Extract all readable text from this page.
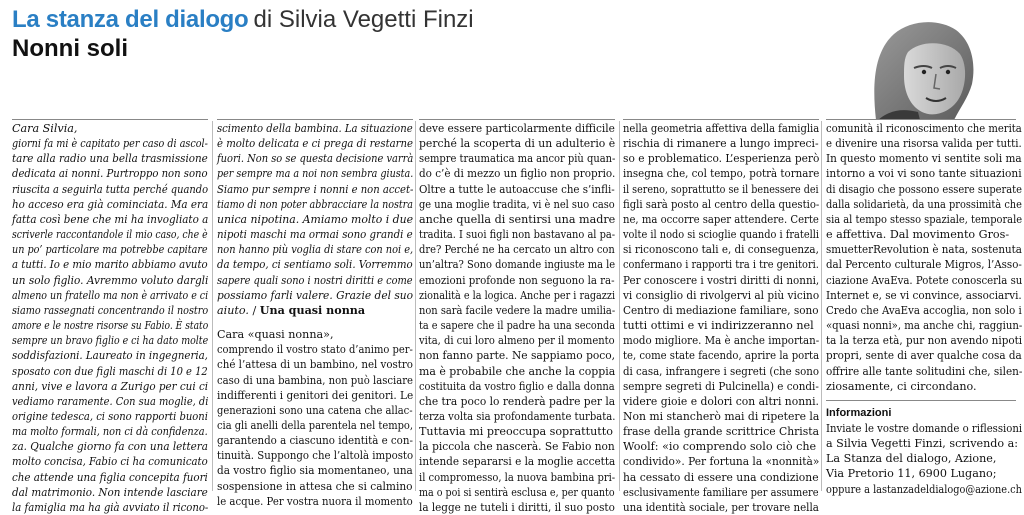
La stanza del dialogo di Silvia Vegetti Finzi
Nonni soli
Cara Silvia,
giorni fa mi è capitato per caso di ascol-
tare alla radio una bella trasmissione
dedicata ai nonni. Purtroppo non sono
riuscita a seguirla tutta perché quando
ho acceso era già cominciata. Ma era
fatta così bene che mi ha invogliato a
scriverle raccontandole il mio caso, che è
un po’ particolare ma potrebbe capitare
a tutti. Io e mio marito abbiamo avuto
un solo figlio. Avremmo voluto dargli
almeno un fratello ma non è arrivato e ci
siamo rassegnati concentrando il nostro
amore e le nostre risorse su Fabio. È stato
sempre un bravo figlio e ci ha dato molte
soddisfazioni. Laureato in ingegneria,
sposato con due figli maschi di 10 e 12
anni, vive e lavora a Zurigo per cui ci
vediamo raramente. Con sua moglie, di
origine tedesca, ci sono rapporti buoni
ma molto formali, non ci dà confidenza.
za. Qualche giorno fa con una lettera
molto concisa, Fabio ci ha comunicato
che attende una figlia concepita fuori
dal matrimonio. Non intende lasciare
la famiglia ma ha già avviato il ricono-
scimento della bambina. La situazione
è molto delicata e ci prega di restarne
fuori. Non so se questa decisione varrà
per sempre ma a noi non sembra giusta.
Siamo pur sempre i nonni e non accet-
tiamo di non poter abbracciare la nostra
unica nipotina. Amiamo molto i due
nipoti maschi ma ormai sono grandi e
non hanno più voglia di stare con noi e,
da tempo, ci sentiamo soli. Vorremmo
sapere quali sono i nostri diritti e come
possiamo farli valere. Grazie del suo
aiuto. / Una quasi nonna
Cara «quasi nonna»,
comprendo il vostro stato d’animo per-
ché l’attesa di un bambino, nel vostro
caso di una bambina, non può lasciare
indifferenti i genitori dei genitori. Le
generazioni sono una catena che allac-
cia gli anelli della parentela nel tempo,
garantendo a ciascuno identità e con-
tinuità. Suppongo che l’altolà imposto
da vostro figlio sia momentaneo, una
sospensione in attesa che si calmino
le acque. Per vostra nuora il momento
deve essere particolarmente difficile
perché la scoperta di un adulterio è
sempre traumatica ma ancor più quan-
do c’è di mezzo un figlio non proprio.
Oltre a tutte le autoaccuse che s’infli-
ge una moglie tradita, vi è nel suo caso
anche quella di sentirsi una madre
tradita. I suoi figli non bastavano al pa-
dre? Perché ne ha cercato un altro con
un’altra? Sono domande ingiuste ma le
emozioni profonde non seguono la ra-
zionalità e la logica. Anche per i ragazzi
non sarà facile vedere la madre umilia-
ta e sapere che il padre ha una seconda
vita, di cui loro almeno per il momento
non fanno parte. Ne sappiamo poco,
ma è probabile che anche la coppia
costituita da vostro figlio e dalla donna
che tra poco lo renderà padre per la
terza volta sia profondamente turbata.
Tuttavia mi preoccupa soprattutto
la piccola che nascerà. Se Fabio non
intende separarsi e la moglie accetta
il compromesso, la nuova bambina pri-
ma o poi si sentirà esclusa e, per quanto
la legge ne tuteli i diritti, il suo posto
nella geometria affettiva della famiglia
rischia di rimanere a lungo impreci-
so e problematico. L’esperienza però
insegna che, col tempo, potrà tornare
il sereno, soprattutto se il benessere dei
figli sarà posto al centro della questio-
ne, ma occorre saper attendere. Certe
volte il nodo si scioglie quando i fratelli
si riconoscono tali e, di conseguenza,
confermano i rapporti tra i tre genitori.
Per conoscere i vostri diritti di nonni,
vi consiglio di rivolgervi al più vicino
Centro di mediazione familiare, sono
tutti ottimi e vi indirizzeranno nel
modo migliore. Ma è anche importan-
te, come state facendo, aprire la porta
di casa, infrangere i segreti (che sono
sempre segreti di Pulcinella) e condi-
videre gioie e dolori con altri nonni.
Non mi stancherò mai di ripetere la
frase della grande scrittrice Christa
Woolf: «io comprendo solo ciò che
condivido». Per fortuna la «nonnità»
ha cessato di essere una condizione
esclusivamente familiare per assumere
una identità sociale, per trovare nella
comunità il riconoscimento che merita
e divenire una risorsa valida per tutti.
In questo momento vi sentite soli ma
intorno a voi vi sono tante situazioni
di disagio che possono essere superate
dalla solidarietà, da una prossimità che
sia al tempo stesso spaziale, temporale
e affettiva. Dal movimento Gros-
smuetterRevolution è nata, sostenuta
dal Percento culturale Migros, l’Asso-
ciazione AvaEva. Potete conoscerla su
Internet e, se vi convince, associarvi.
Credo che AvaEva accoglia, non solo i
«quasi nonni», ma anche chi, raggiun-
ta la terza età, pur non avendo nipoti
propri, sente di aver qualche cosa da
offrire alle tante solitudini che, silen-
ziosamente, ci circondano.
Informazioni
Inviate le vostre domande o riflessioni
a Silvia Vegetti Finzi, scrivendo a:
La Stanza del dialogo, Azione,
Via Pretorio 11, 6900 Lugano;
oppure a lastanzadeldialogo@azione.ch
